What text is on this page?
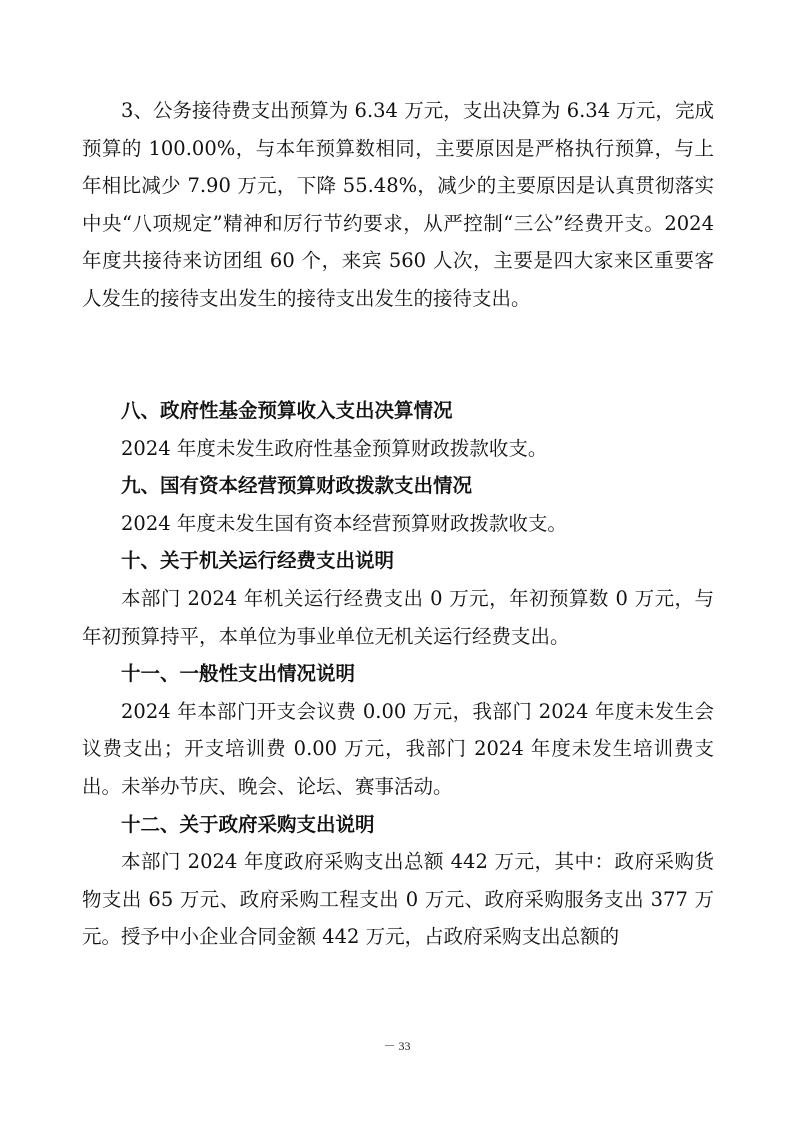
3、公务接待费支出预算为 6.34 万元，支出决算为 6.34 万元，完成预算的 100.00%，与本年预算数相同，主要原因是严格执行预算，与上年相比减少 7.90 万元，下降 55.48%，减少的主要原因是认真贯彻落实中央“八项规定”精神和厉行节约要求，从严控制“三公”经费开支。2024 年度共接待来访团组 60 个，来宾 560 人次，主要是四大家来区重要客人发生的接待支出发生的接待支出发生的接待支出。

八、政府性基金预算收入支出决算情况

2024 年度未发生政府性基金预算财政拨款收支。

九、国有资本经营预算财政拨款支出情况

2024 年度未发生国有资本经营预算财政拨款收支。

十、关于机关运行经费支出说明

本部门 2024 年机关运行经费支出 0 万元，年初预算数 0 万元，与年初预算持平，本单位为事业单位无机关运行经费支出。

十一、一般性支出情况说明

2024 年本部门开支会议费 0.00 万元，我部门 2024 年度未发生会议费支出；开支培训费 0.00 万元，我部门 2024 年度未发生培训费支出。未举办节庆、晚会、论坛、赛事活动。

十二、关于政府采购支出说明

本部门 2024 年度政府采购支出总额 442 万元，其中：政府采购货物支出 65 万元、政府采购工程支出 0 万元、政府采购服务支出 377 万元。授予中小企业合同金额 442 万元，占政府采购支出总额的

－ 33
